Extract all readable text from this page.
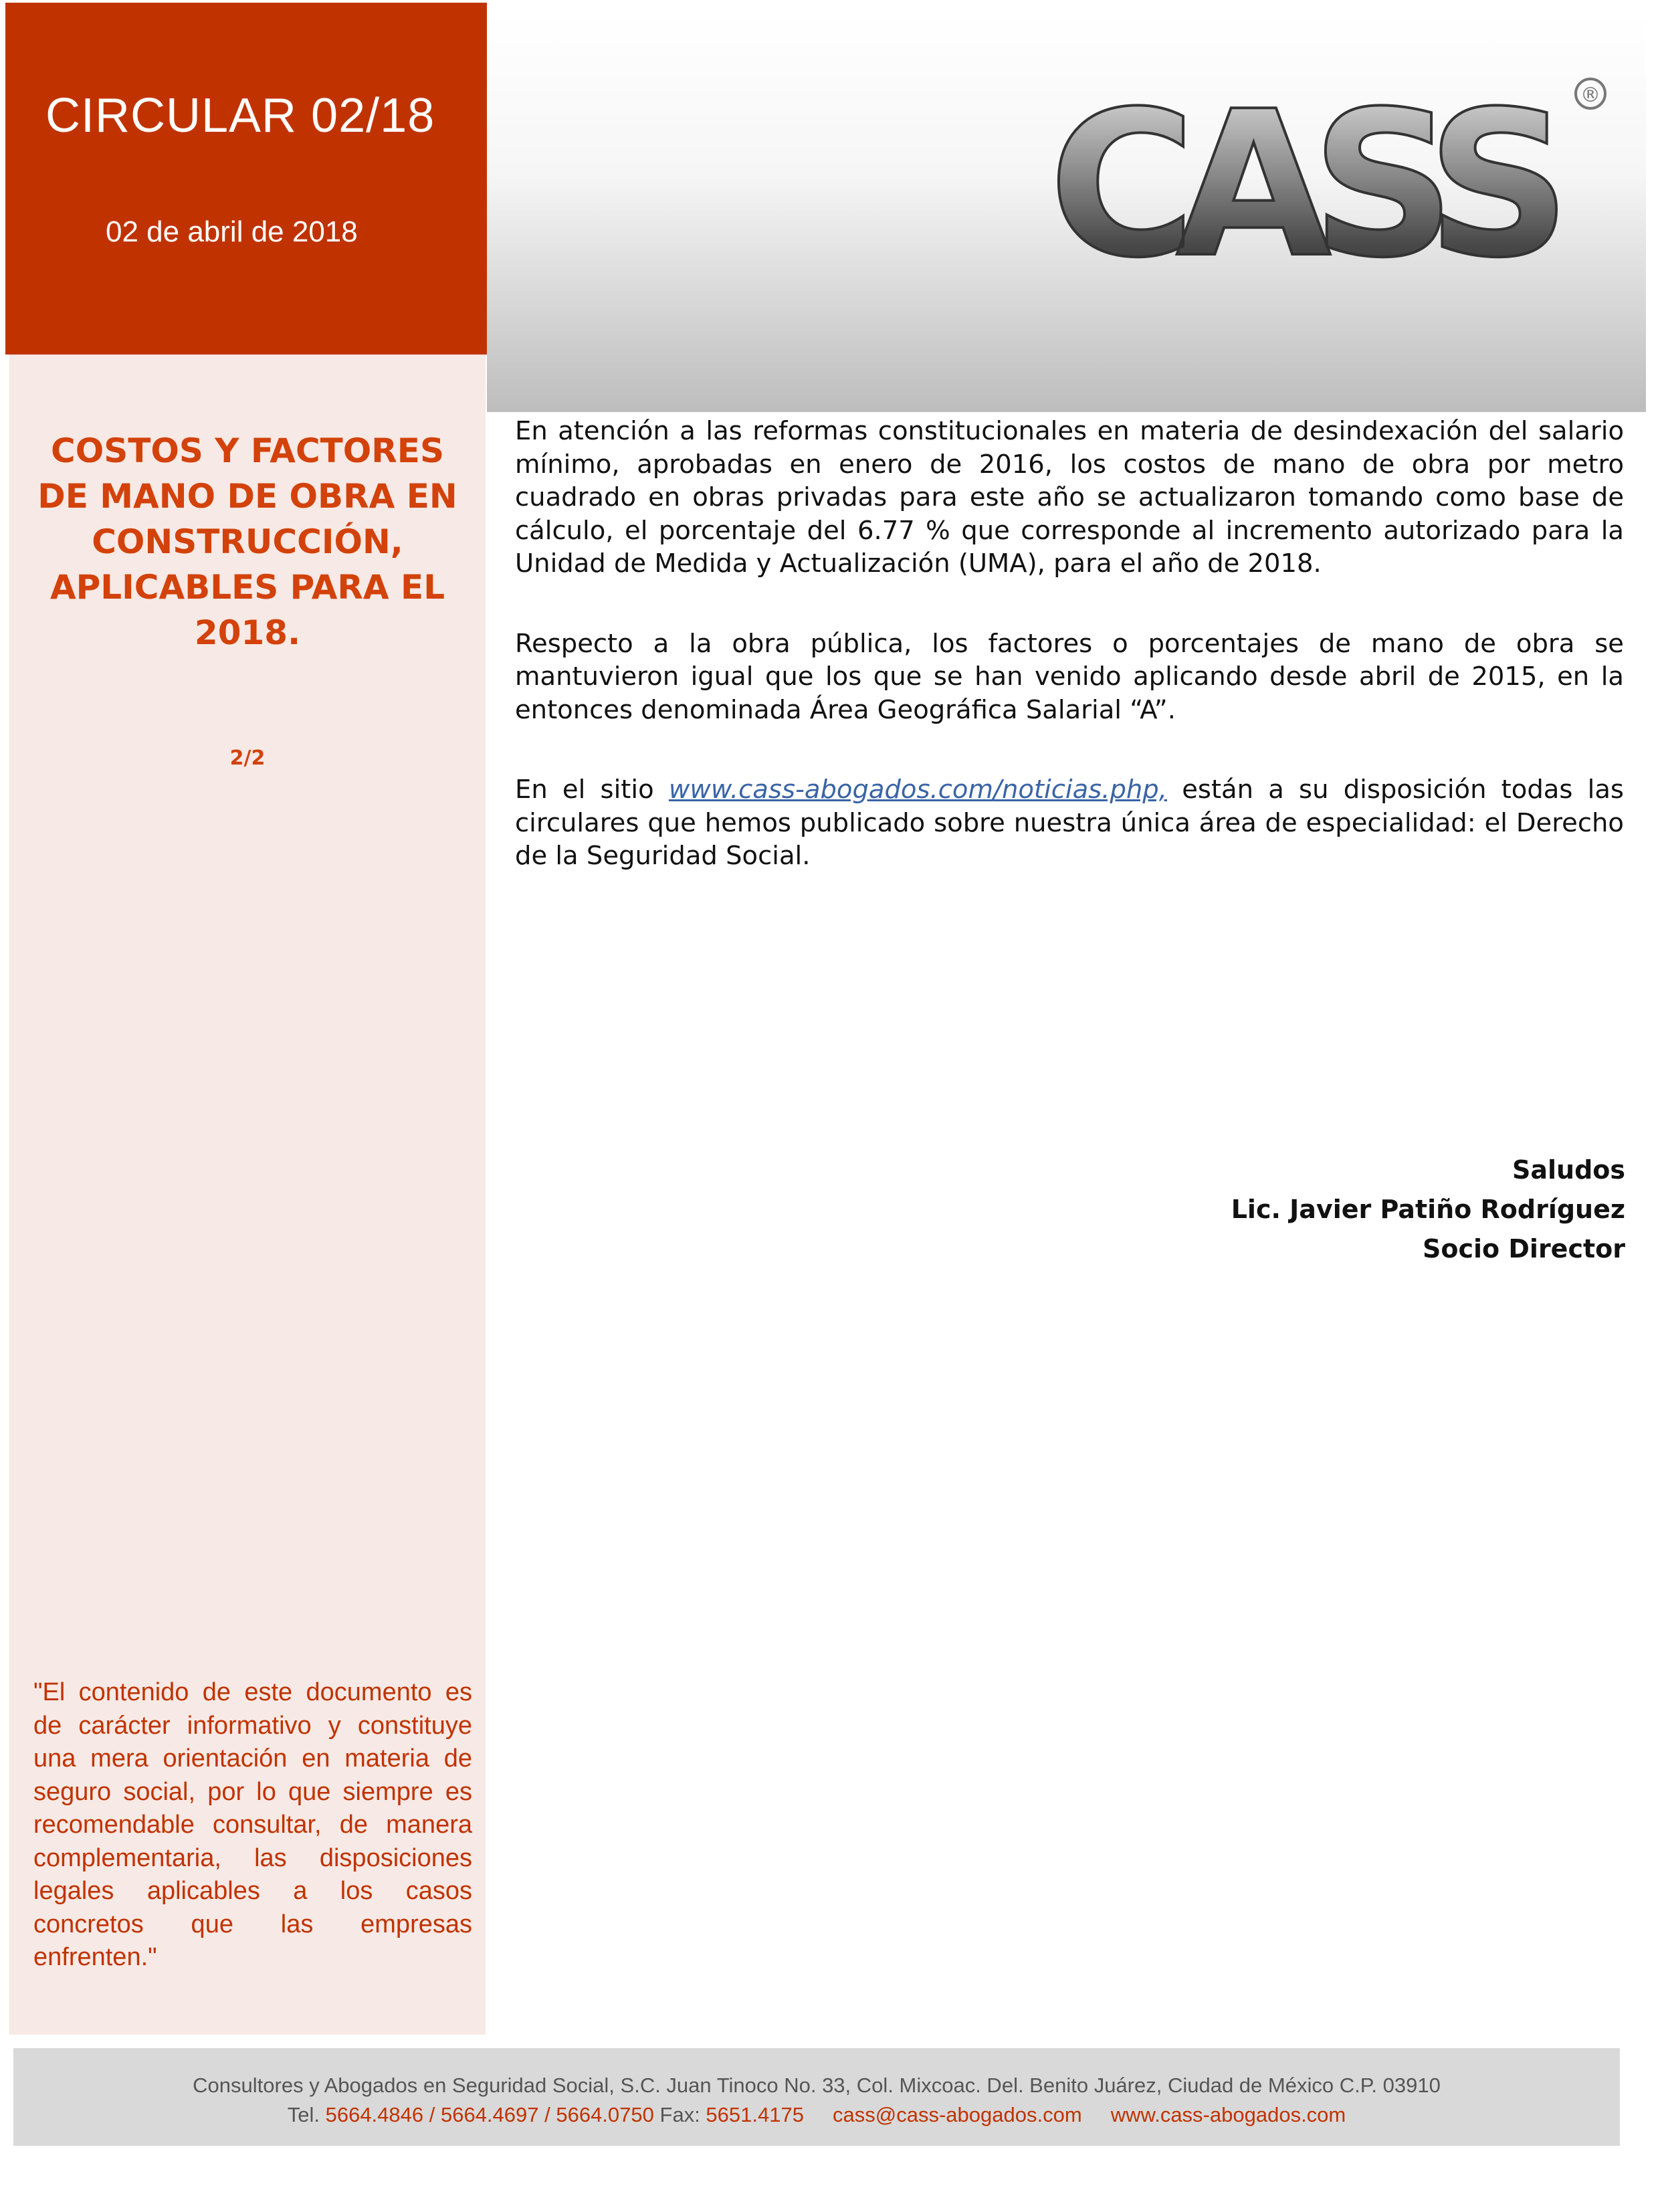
CIRCULAR 02/18
02 de abril de 2018	CASS	®
COSTOS Y FACTORES DE MANO DE OBRA EN CONSTRUCCIÓN, APLICABLES PARA EL 2018.
2/2
"El contenido de este documento es de carácter informativo y constituye una mera orientación en materia de seguro social, por lo que siempre es recomendable consultar, de manera complementaria, las disposiciones legales aplicables a los casos concretos que las empresas enfrenten."

En atención a las reformas constitucionales en materia de desindexación del salario mínimo, aprobadas en enero de 2016, los costos de mano de obra por metro cuadrado en obras privadas para este año se actualizaron tomando como base de cálculo, el porcentaje del 6.77 % que corresponde al incremento autorizado para la Unidad de Medida y Actualización (UMA), para el año de 2018.

Respecto a la obra pública, los factores o porcentajes de mano de obra se mantuvieron igual que los que se han venido aplicando desde abril de 2015, en la entonces denominada Área Geográfica Salarial “A”.

En el sitio www.cass-abogados.com/noticias.php, están a su disposición todas las circulares que hemos publicado sobre nuestra única área de especialidad: el Derecho de la Seguridad Social.

Saludos
Lic. Javier Patiño Rodríguez
Socio Director
Consultores y Abogados en Seguridad Social, S.C. Juan Tinoco No. 33, Col. Mixcoac. Del. Benito Juárez, Ciudad de México C.P. 03910
Tel. 5664.4846 / 5664.4697 / 5664.0750 Fax: 5651.4175 cass@cass-abogados.com www.cass-abogados.com
